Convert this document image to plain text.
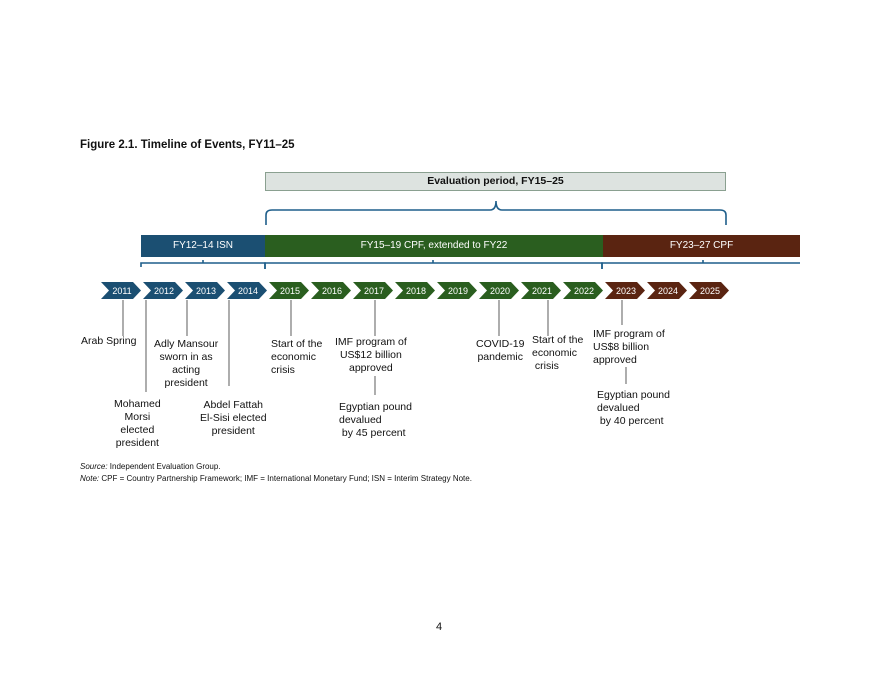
Figure 2.1. Timeline of Events, FY11–25
Evaluation period, FY15–25
2011 2012 2013 2014 2015 2016 2017 2018 2019 2020 2021 2022 2023 2024 2025
FY12–14 ISN	FY15–19 CPF, extended to FY22	FY23–27 CPF
Arab Spring
Mohamed
Morsi
elected
president
Adly Mansour
sworn in as
acting
president
Abdel Fattah
El-Sisi elected
president
Start of the
economic
crisis
IMF program of
US$12 billion
approved
Egyptian pound
devalued
by 45 percent
COVID-19
pandemic
Start of the
economic
crisis
IMF program of
US$8 billion
approved
Egyptian pound
devalued
by 40 percent
Source: Independent Evaluation Group.
Note: CPF = Country Partnership Framework; IMF = International Monetary Fund; ISN = Interim Strategy Note.
4
